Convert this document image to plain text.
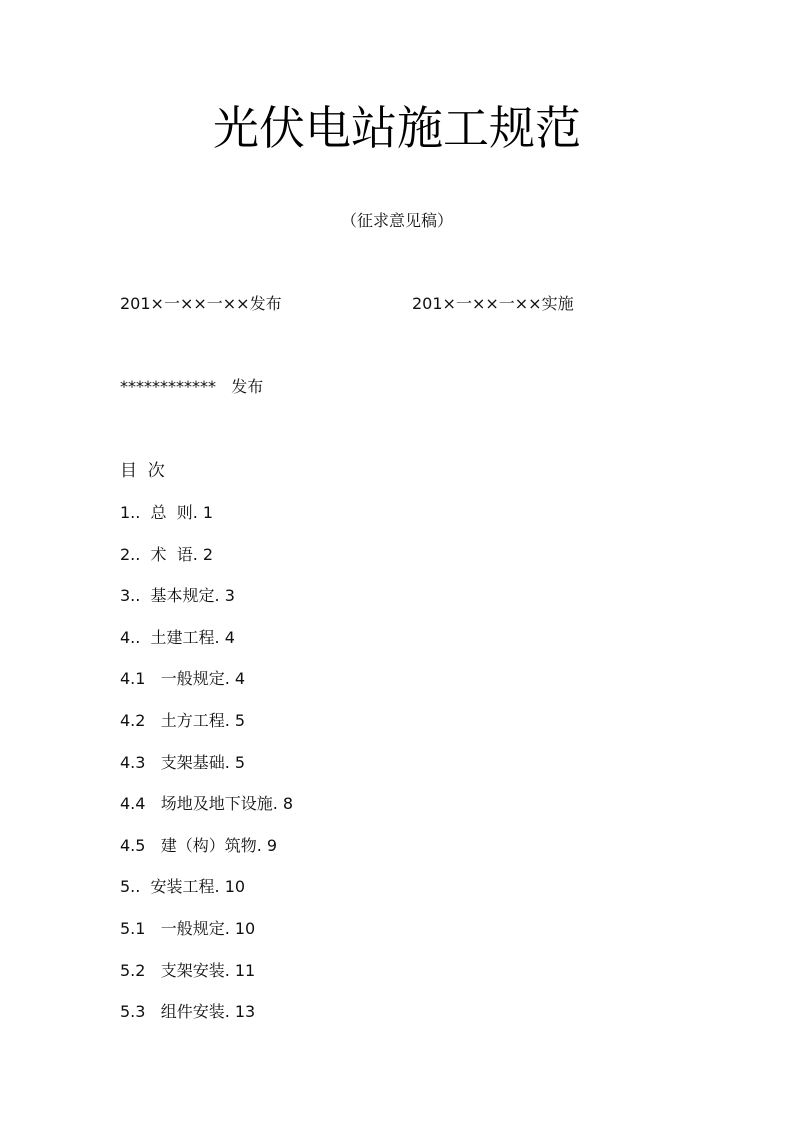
光伏电站施工规范
（征求意见稿）
201×一××一××发布	201×一××一××实施
************   发布
目  次
1..  总  则. 1
2..  术  语. 2
3..  基本规定. 3
4..  土建工程. 4
4.1   一般规定. 4
4.2   土方工程. 5
4.3   支架基础. 5
4.4   场地及地下设施. 8
4.5   建（构）筑物. 9
5..  安装工程. 10
5.1   一般规定. 10
5.2   支架安装. 11
5.3   组件安装. 13
